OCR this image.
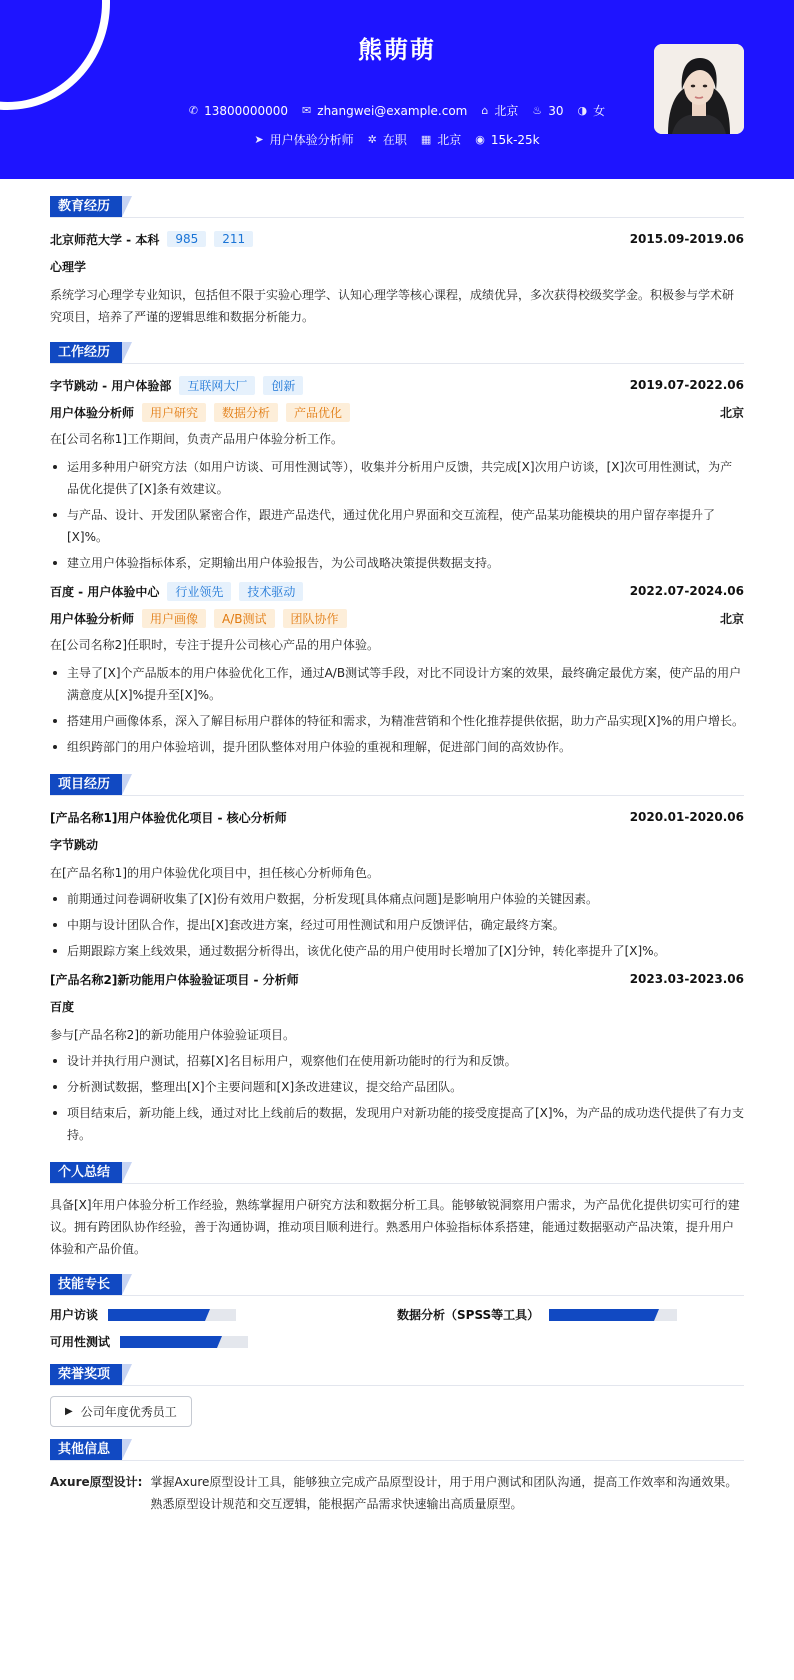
熊萌萌
✆ 13800000000 ✉ zhangwei@example.com ⌂ 北京 ♨ 30 ◑ 女
➤ 用户体验分析师 ✲ 在职 ▦ 北京 ◉ 15k-25k
教育经历
北京师范大学 - 本科	985	211	2015.09-2019.06
心理学
系统学习心理学专业知识，包括但不限于实验心理学、认知心理学等核心课程，成绩优异，多次获得校级奖学金。积极参与学术研究项目，培养了严谨的逻辑思维和数据分析能力。
工作经历
字节跳动 - 用户体验部	互联网大厂	创新	2019.07-2022.06
用户体验分析师	用户研究	数据分析	产品优化	北京
在[公司名称1]工作期间，负责产品用户体验分析工作。
运用多种用户研究方法（如用户访谈、可用性测试等），收集并分析用户反馈，共完成[X]次用户访谈，[X]次可用性测试，为产品优化提供了[X]条有效建议。
与产品、设计、开发团队紧密合作，跟进产品迭代，通过优化用户界面和交互流程，使产品某功能模块的用户留存率提升了[X]%。
建立用户体验指标体系，定期输出用户体验报告，为公司战略决策提供数据支持。
百度 - 用户体验中心	行业领先	技术驱动	2022.07-2024.06
用户体验分析师	用户画像	A/B测试	团队协作	北京
在[公司名称2]任职时，专注于提升公司核心产品的用户体验。
主导了[X]个产品版本的用户体验优化工作，通过A/B测试等手段，对比不同设计方案的效果，最终确定最优方案，使产品的用户满意度从[X]%提升至[X]%。
搭建用户画像体系，深入了解目标用户群体的特征和需求，为精准营销和个性化推荐提供依据，助力产品实现[X]%的用户增长。
组织跨部门的用户体验培训，提升团队整体对用户体验的重视和理解，促进部门间的高效协作。
项目经历
[产品名称1]用户体验优化项目 - 核心分析师	2020.01-2020.06
字节跳动
在[产品名称1]的用户体验优化项目中，担任核心分析师角色。
前期通过问卷调研收集了[X]份有效用户数据，分析发现[具体痛点问题]是影响用户体验的关键因素。
中期与设计团队合作，提出[X]套改进方案，经过可用性测试和用户反馈评估，确定最终方案。
后期跟踪方案上线效果，通过数据分析得出，该优化使产品的用户使用时长增加了[X]分钟，转化率提升了[X]%。
[产品名称2]新功能用户体验验证项目 - 分析师	2023.03-2023.06
百度
参与[产品名称2]的新功能用户体验验证项目。
设计并执行用户测试，招募[X]名目标用户，观察他们在使用新功能时的行为和反馈。
分析测试数据，整理出[X]个主要问题和[X]条改进建议，提交给产品团队。
项目结束后，新功能上线，通过对比上线前后的数据，发现用户对新功能的接受度提高了[X]%，为产品的成功迭代提供了有力支持。
个人总结
具备[X]年用户体验分析工作经验，熟练掌握用户研究方法和数据分析工具。能够敏锐洞察用户需求，为产品优化提供切实可行的建议。拥有跨团队协作经验，善于沟通协调，推动项目顺利进行。熟悉用户体验指标体系搭建，能通过数据驱动产品决策，提升用户体验和产品价值。
技能专长
用户访谈	数据分析（SPSS等工具）
可用性测试
荣誉奖项
▶ 公司年度优秀员工
其他信息
Axure原型设计: 掌握Axure原型设计工具，能够独立完成产品原型设计，用于用户测试和团队沟通，提高工作效率和沟通效果。熟悉原型设计规范和交互逻辑，能根据产品需求快速输出高质量原型。
